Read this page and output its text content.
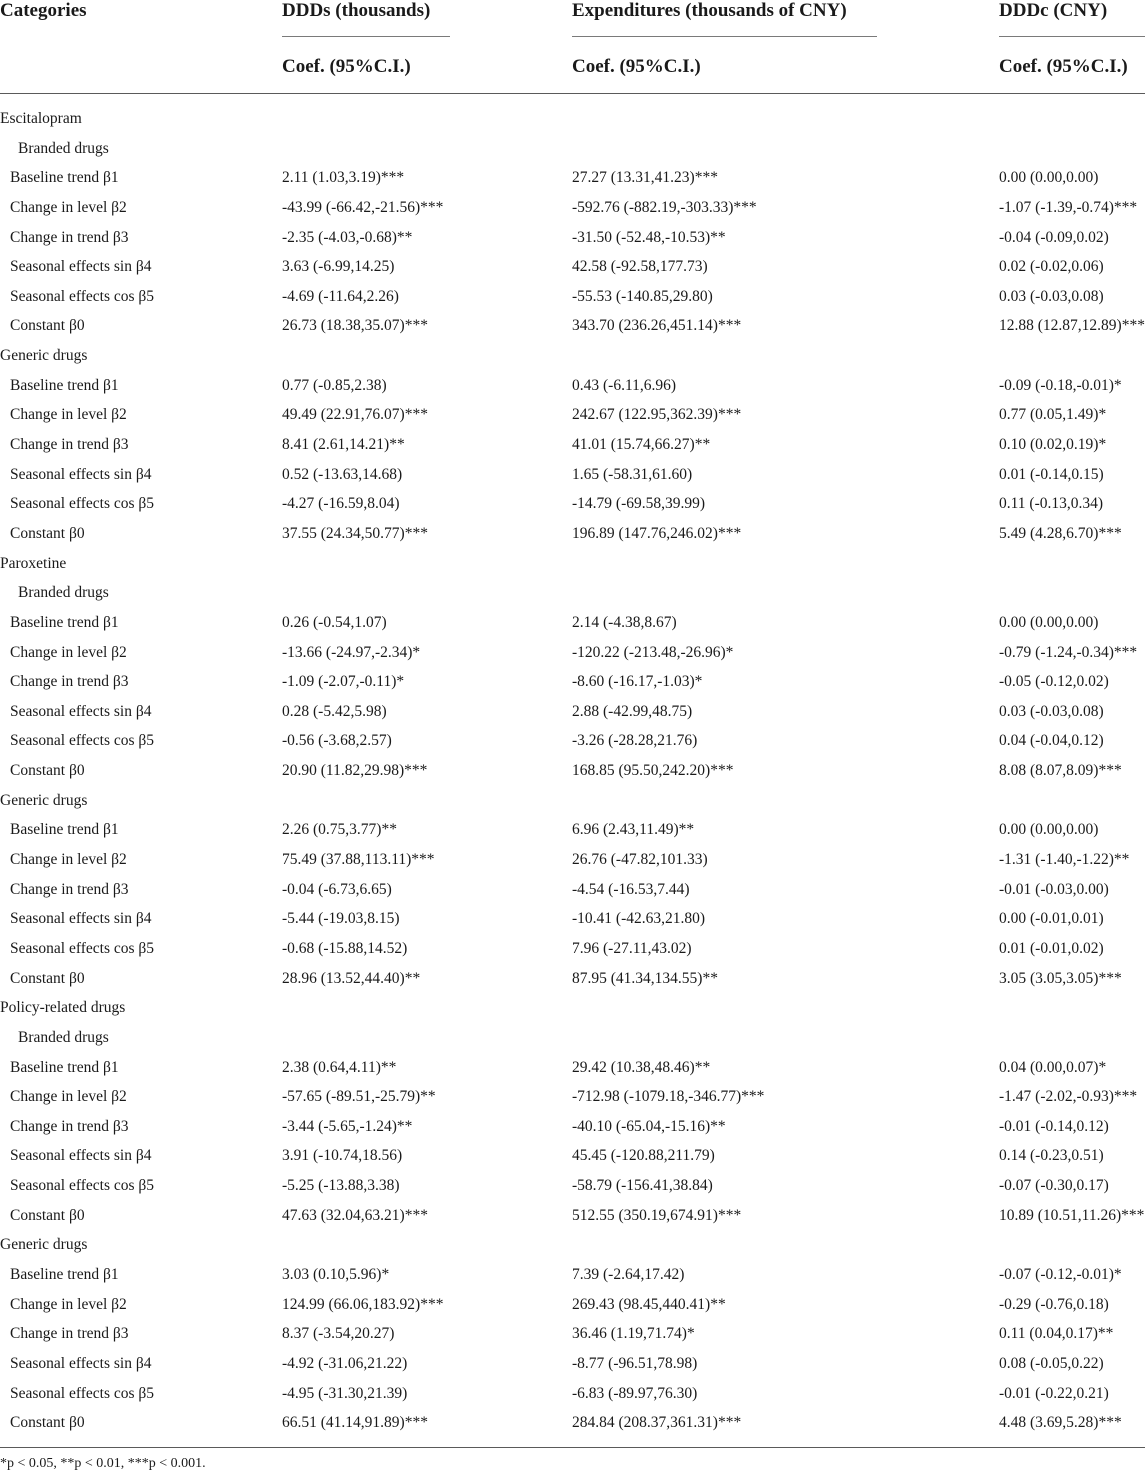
Categories	DDDs (thousands)	Expenditures (thousands of CNY)	DDDc (CNY)
Coef. (95%C.I.)	Coef. (95%C.I.)	Coef. (95%C.I.)
Escitalopram
Branded drugs
Baseline trend β1	2.11 (1.03,3.19)***	27.27 (13.31,41.23)***	0.00 (0.00,0.00)
Change in level β2	-43.99 (-66.42,-21.56)***	-592.76 (-882.19,-303.33)***	-1.07 (-1.39,-0.74)***
Change in trend β3	-2.35 (-4.03,-0.68)**	-31.50 (-52.48,-10.53)**	-0.04 (-0.09,0.02)
Seasonal effects sin β4	3.63 (-6.99,14.25)	42.58 (-92.58,177.73)	0.02 (-0.02,0.06)
Seasonal effects cos β5	-4.69 (-11.64,2.26)	-55.53 (-140.85,29.80)	0.03 (-0.03,0.08)
Constant β0	26.73 (18.38,35.07)***	343.70 (236.26,451.14)***	12.88 (12.87,12.89)***
Generic drugs
Baseline trend β1	0.77 (-0.85,2.38)	0.43 (-6.11,6.96)	-0.09 (-0.18,-0.01)*
Change in level β2	49.49 (22.91,76.07)***	242.67 (122.95,362.39)***	0.77 (0.05,1.49)*
Change in trend β3	8.41 (2.61,14.21)**	41.01 (15.74,66.27)**	0.10 (0.02,0.19)*
Seasonal effects sin β4	0.52 (-13.63,14.68)	1.65 (-58.31,61.60)	0.01 (-0.14,0.15)
Seasonal effects cos β5	-4.27 (-16.59,8.04)	-14.79 (-69.58,39.99)	0.11 (-0.13,0.34)
Constant β0	37.55 (24.34,50.77)***	196.89 (147.76,246.02)***	5.49 (4.28,6.70)***
Paroxetine
Branded drugs
Baseline trend β1	0.26 (-0.54,1.07)	2.14 (-4.38,8.67)	0.00 (0.00,0.00)
Change in level β2	-13.66 (-24.97,-2.34)*	-120.22 (-213.48,-26.96)*	-0.79 (-1.24,-0.34)***
Change in trend β3	-1.09 (-2.07,-0.11)*	-8.60 (-16.17,-1.03)*	-0.05 (-0.12,0.02)
Seasonal effects sin β4	0.28 (-5.42,5.98)	2.88 (-42.99,48.75)	0.03 (-0.03,0.08)
Seasonal effects cos β5	-0.56 (-3.68,2.57)	-3.26 (-28.28,21.76)	0.04 (-0.04,0.12)
Constant β0	20.90 (11.82,29.98)***	168.85 (95.50,242.20)***	8.08 (8.07,8.09)***
Generic drugs
Baseline trend β1	2.26 (0.75,3.77)**	6.96 (2.43,11.49)**	0.00 (0.00,0.00)
Change in level β2	75.49 (37.88,113.11)***	26.76 (-47.82,101.33)	-1.31 (-1.40,-1.22)**
Change in trend β3	-0.04 (-6.73,6.65)	-4.54 (-16.53,7.44)	-0.01 (-0.03,0.00)
Seasonal effects sin β4	-5.44 (-19.03,8.15)	-10.41 (-42.63,21.80)	0.00 (-0.01,0.01)
Seasonal effects cos β5	-0.68 (-15.88,14.52)	7.96 (-27.11,43.02)	0.01 (-0.01,0.02)
Constant β0	28.96 (13.52,44.40)**	87.95 (41.34,134.55)**	3.05 (3.05,3.05)***
Policy-related drugs
Branded drugs
Baseline trend β1	2.38 (0.64,4.11)**	29.42 (10.38,48.46)**	0.04 (0.00,0.07)*
Change in level β2	-57.65 (-89.51,-25.79)**	-712.98 (-1079.18,-346.77)***	-1.47 (-2.02,-0.93)***
Change in trend β3	-3.44 (-5.65,-1.24)**	-40.10 (-65.04,-15.16)**	-0.01 (-0.14,0.12)
Seasonal effects sin β4	3.91 (-10.74,18.56)	45.45 (-120.88,211.79)	0.14 (-0.23,0.51)
Seasonal effects cos β5	-5.25 (-13.88,3.38)	-58.79 (-156.41,38.84)	-0.07 (-0.30,0.17)
Constant β0	47.63 (32.04,63.21)***	512.55 (350.19,674.91)***	10.89 (10.51,11.26)***
Generic drugs
Baseline trend β1	3.03 (0.10,5.96)*	7.39 (-2.64,17.42)	-0.07 (-0.12,-0.01)*
Change in level β2	124.99 (66.06,183.92)***	269.43 (98.45,440.41)**	-0.29 (-0.76,0.18)
Change in trend β3	8.37 (-3.54,20.27)	36.46 (1.19,71.74)*	0.11 (0.04,0.17)**
Seasonal effects sin β4	-4.92 (-31.06,21.22)	-8.77 (-96.51,78.98)	0.08 (-0.05,0.22)
Seasonal effects cos β5	-4.95 (-31.30,21.39)	-6.83 (-89.97,76.30)	-0.01 (-0.22,0.21)
Constant β0	66.51 (41.14,91.89)***	284.84 (208.37,361.31)***	4.48 (3.69,5.28)***
*p < 0.05, **p < 0.01, ***p < 0.001.
